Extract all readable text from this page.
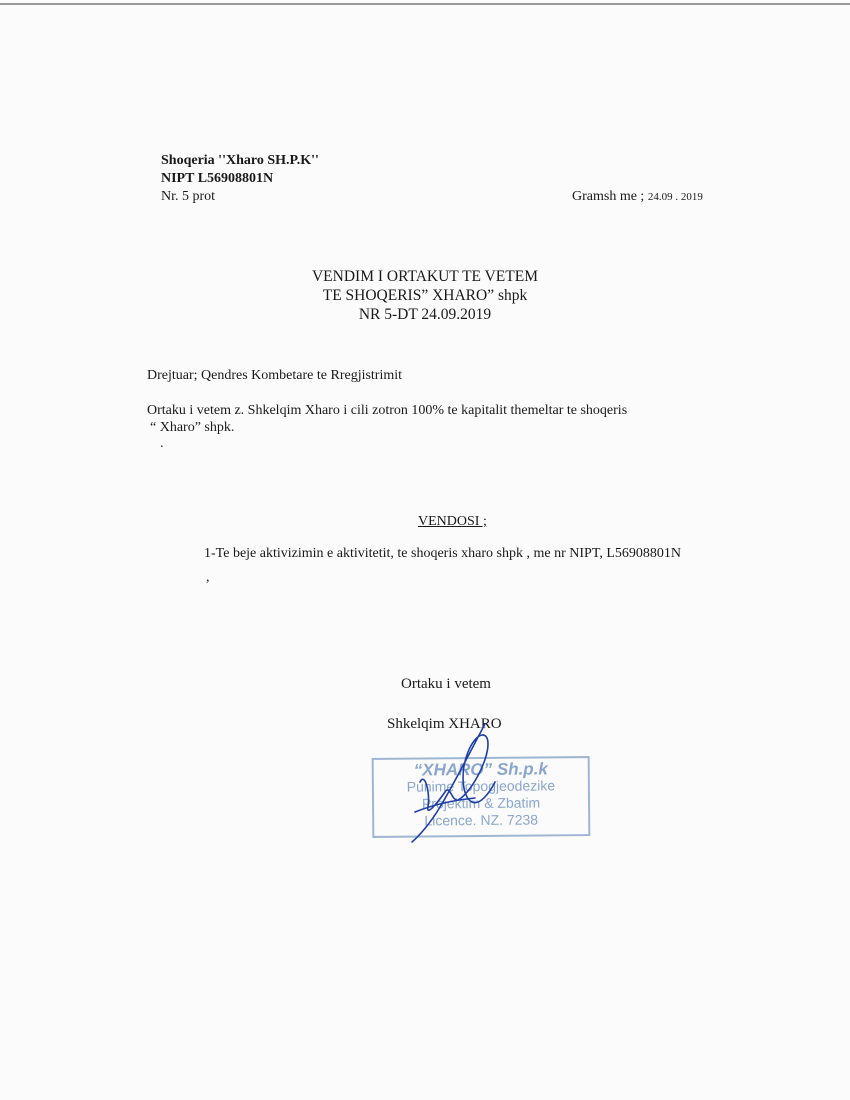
Shoqeria ''Xharo SH.P.K''
NIPT L56908801N
Nr. 5 prot	Gramsh me ; 24.09 . 2019
VENDIM I ORTAKUT TE VETEM
TE SHOQERIS” XHARO” shpk
NR 5-DT 24.09.2019
Drejtuar; Qendres Kombetare te Rregjistrimit
Ortaku i vetem z. Shkelqim Xharo i cili zotron 100% te kapitalit themeltar te shoqeris
“ Xharo” shpk.
.
VENDOSI ;
1-Te beje aktivizimin e aktivitetit, te shoqeris xharo shpk , me nr NIPT, L56908801N
,
Ortaku i vetem
Shkelqim XHARO
“XHARO” Sh.p.k
Punime Topogjeodezike
Projektim & Zbatim
Licence. NZ. 7238
